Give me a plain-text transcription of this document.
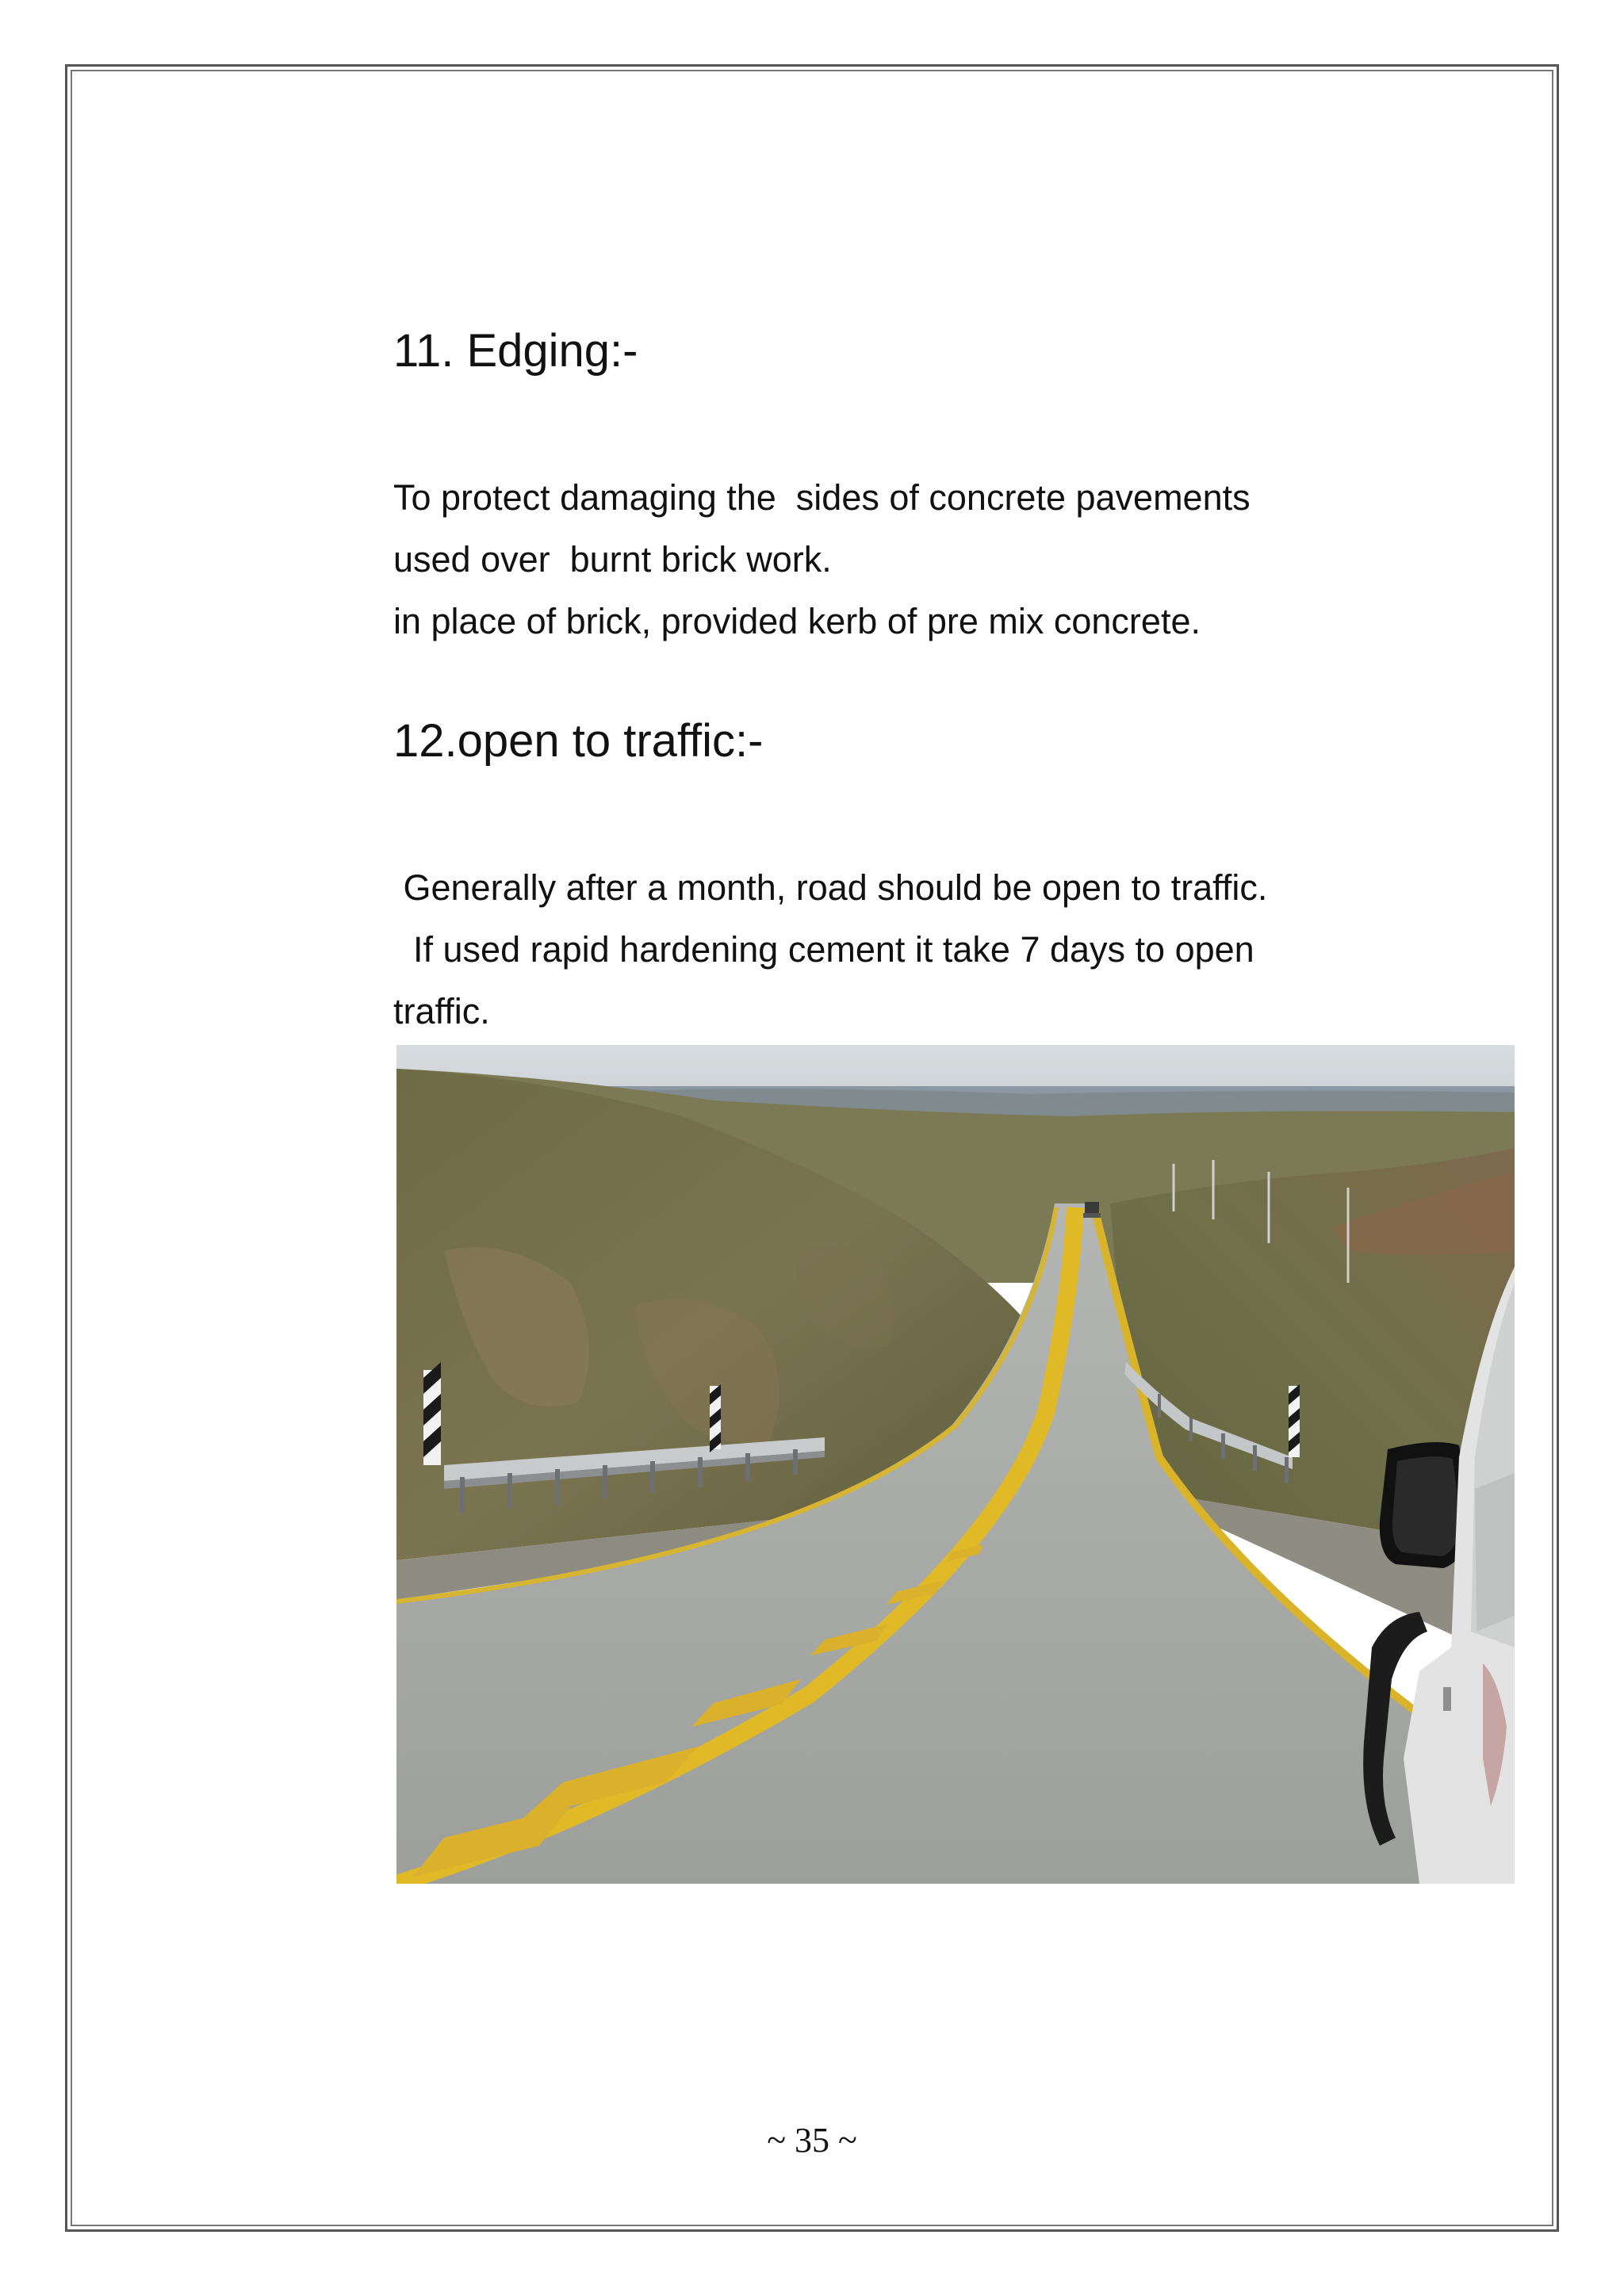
11. Edging:-

To protect damaging the  sides of concrete pavements

used over  burnt brick work.

in place of brick, provided kerb of pre mix concrete.

12.open to traffic:-

Generally after a month, road should be open to traffic.

If used rapid hardening cement it take 7 days to open

traffic.

~ 35 ~
